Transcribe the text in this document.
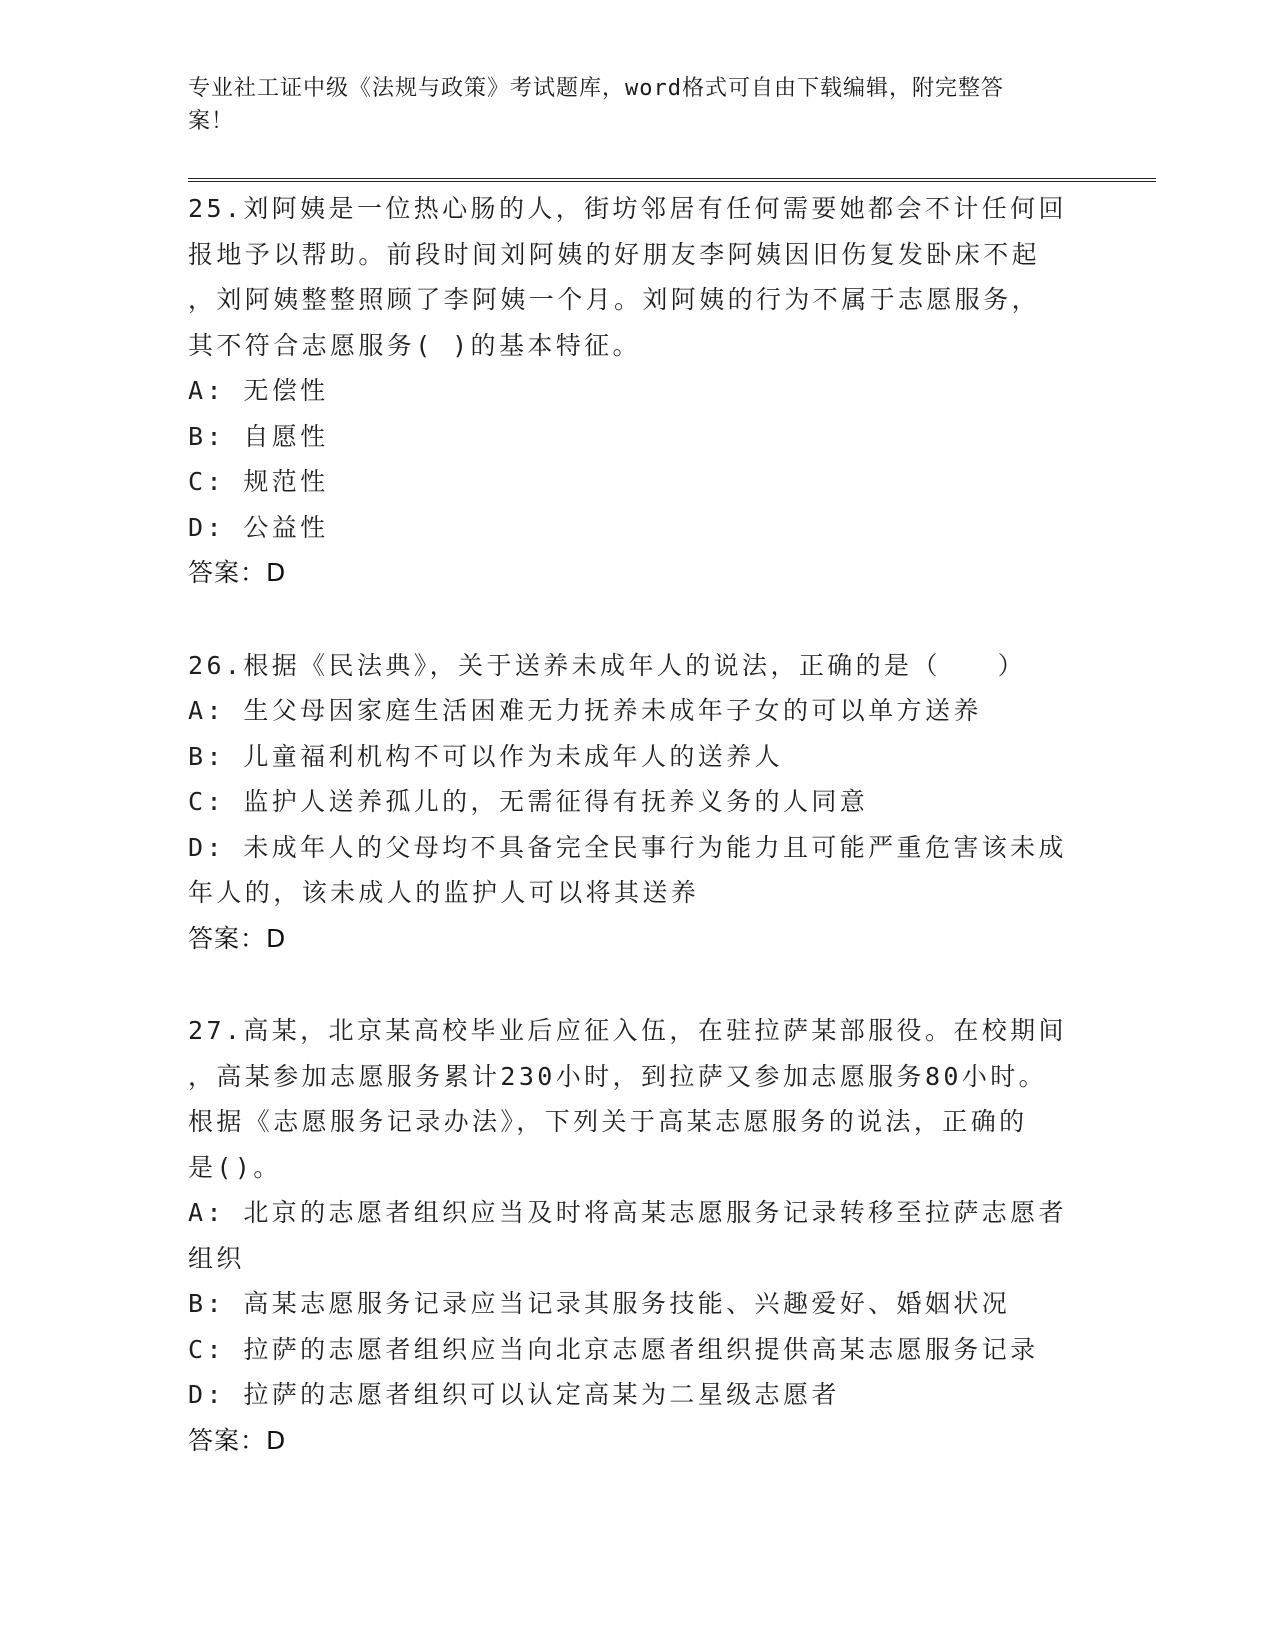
专业社工证中级《法规与政策》考试题库，word格式可自由下载编辑，附完整答
案！
25.刘阿姨是一位热心肠的人，街坊邻居有任何需要她都会不计任何回
报地予以帮助。前段时间刘阿姨的好朋友李阿姨因旧伤复发卧床不起
，刘阿姨整整照顾了李阿姨一个月。刘阿姨的行为不属于志愿服务，
其不符合志愿服务( )的基本特征。
A: 无偿性
B: 自愿性
C: 规范性
D: 公益性
答案：D
26.根据《民法典》，关于送养未成年人的说法，正确的是（　　）
A: 生父母因家庭生活困难无力抚养未成年子女的可以单方送养
B: 儿童福利机构不可以作为未成年人的送养人
C: 监护人送养孤儿的，无需征得有抚养义务的人同意
D: 未成年人的父母均不具备完全民事行为能力且可能严重危害该未成
年人的，该未成人的监护人可以将其送养
答案：D
27.高某，北京某高校毕业后应征入伍，在驻拉萨某部服役。在校期间
，高某参加志愿服务累计230小时，到拉萨又参加志愿服务80小时。
根据《志愿服务记录办法》，下列关于高某志愿服务的说法，正确的
是()。
A: 北京的志愿者组织应当及时将高某志愿服务记录转移至拉萨志愿者
组织
B: 高某志愿服务记录应当记录其服务技能、兴趣爱好、婚姻状况
C: 拉萨的志愿者组织应当向北京志愿者组织提供高某志愿服务记录
D: 拉萨的志愿者组织可以认定高某为二星级志愿者
答案：D
